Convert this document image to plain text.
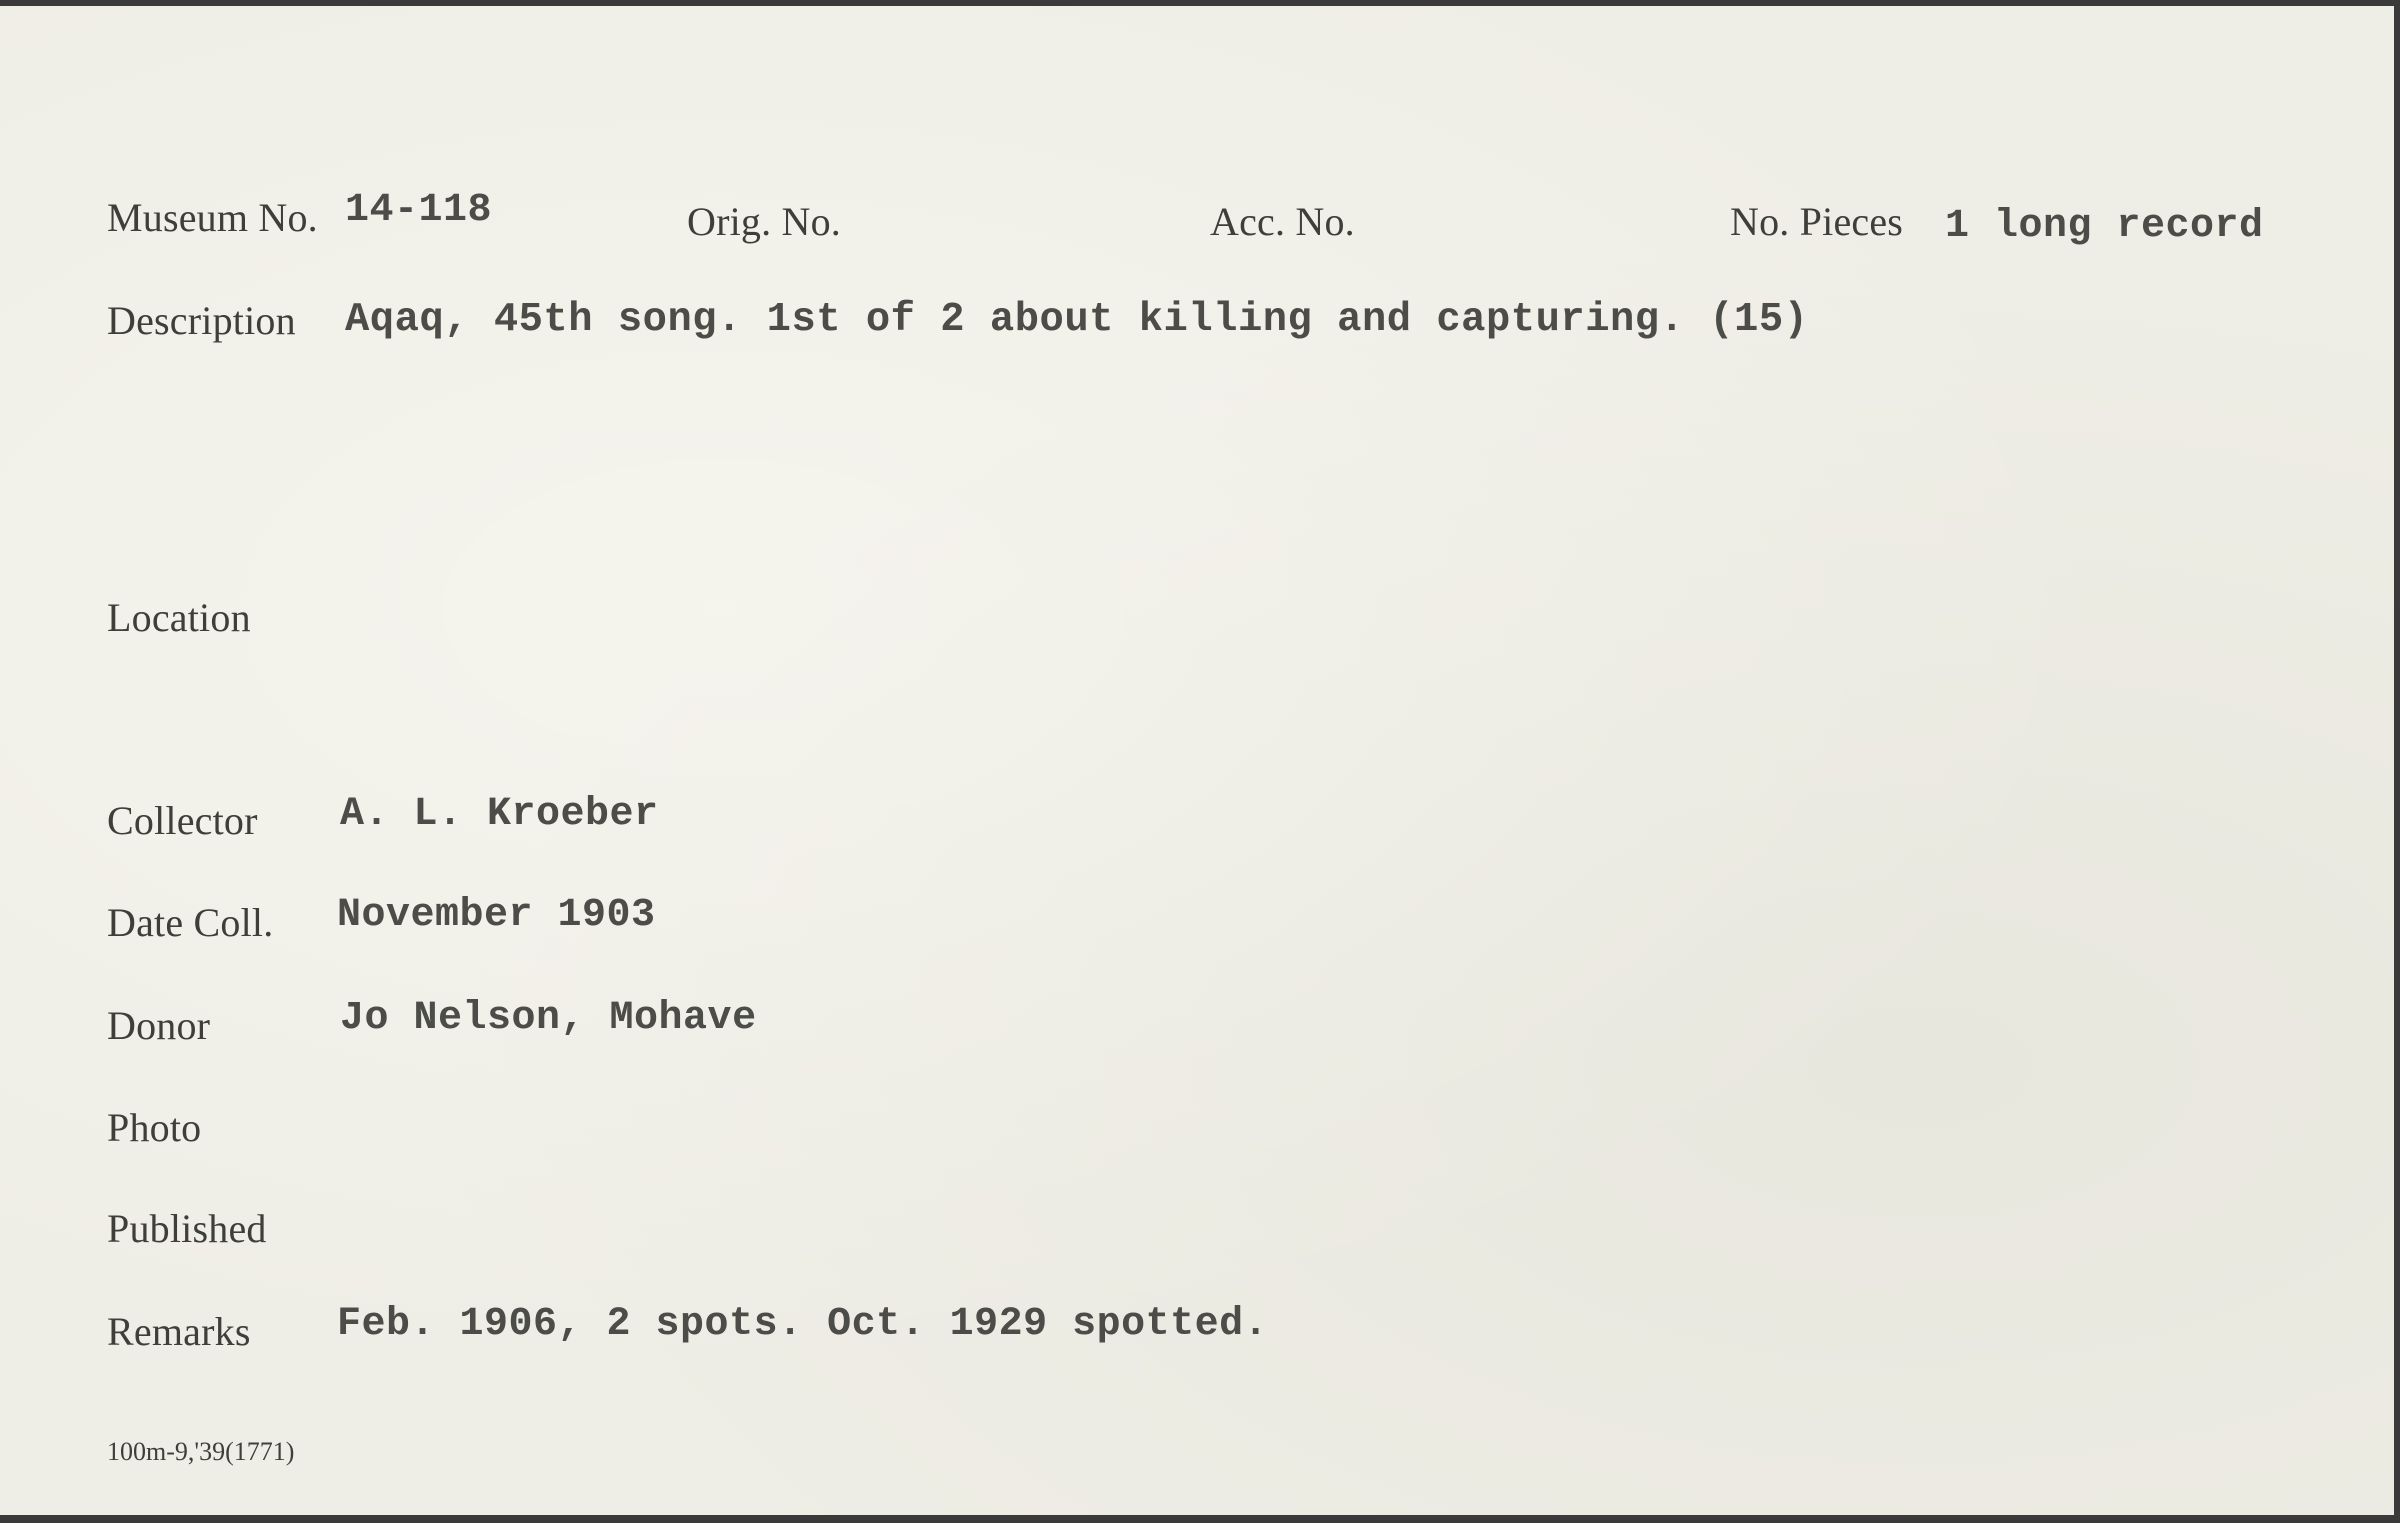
Museum No. 14-118	Orig. No.	Acc. No.	No. Pieces 1 long record
Description Aqaq, 45th song. 1st of 2 about killing and capturing. (15)
Location
Collector A. L. Kroeber
Date Coll. November 1903
Donor	Jo Nelson, Mohave
Photo
Published
Remarks Feb. 1906, 2 spots. Oct. 1929 spotted.
100m-9,'39(1771)
